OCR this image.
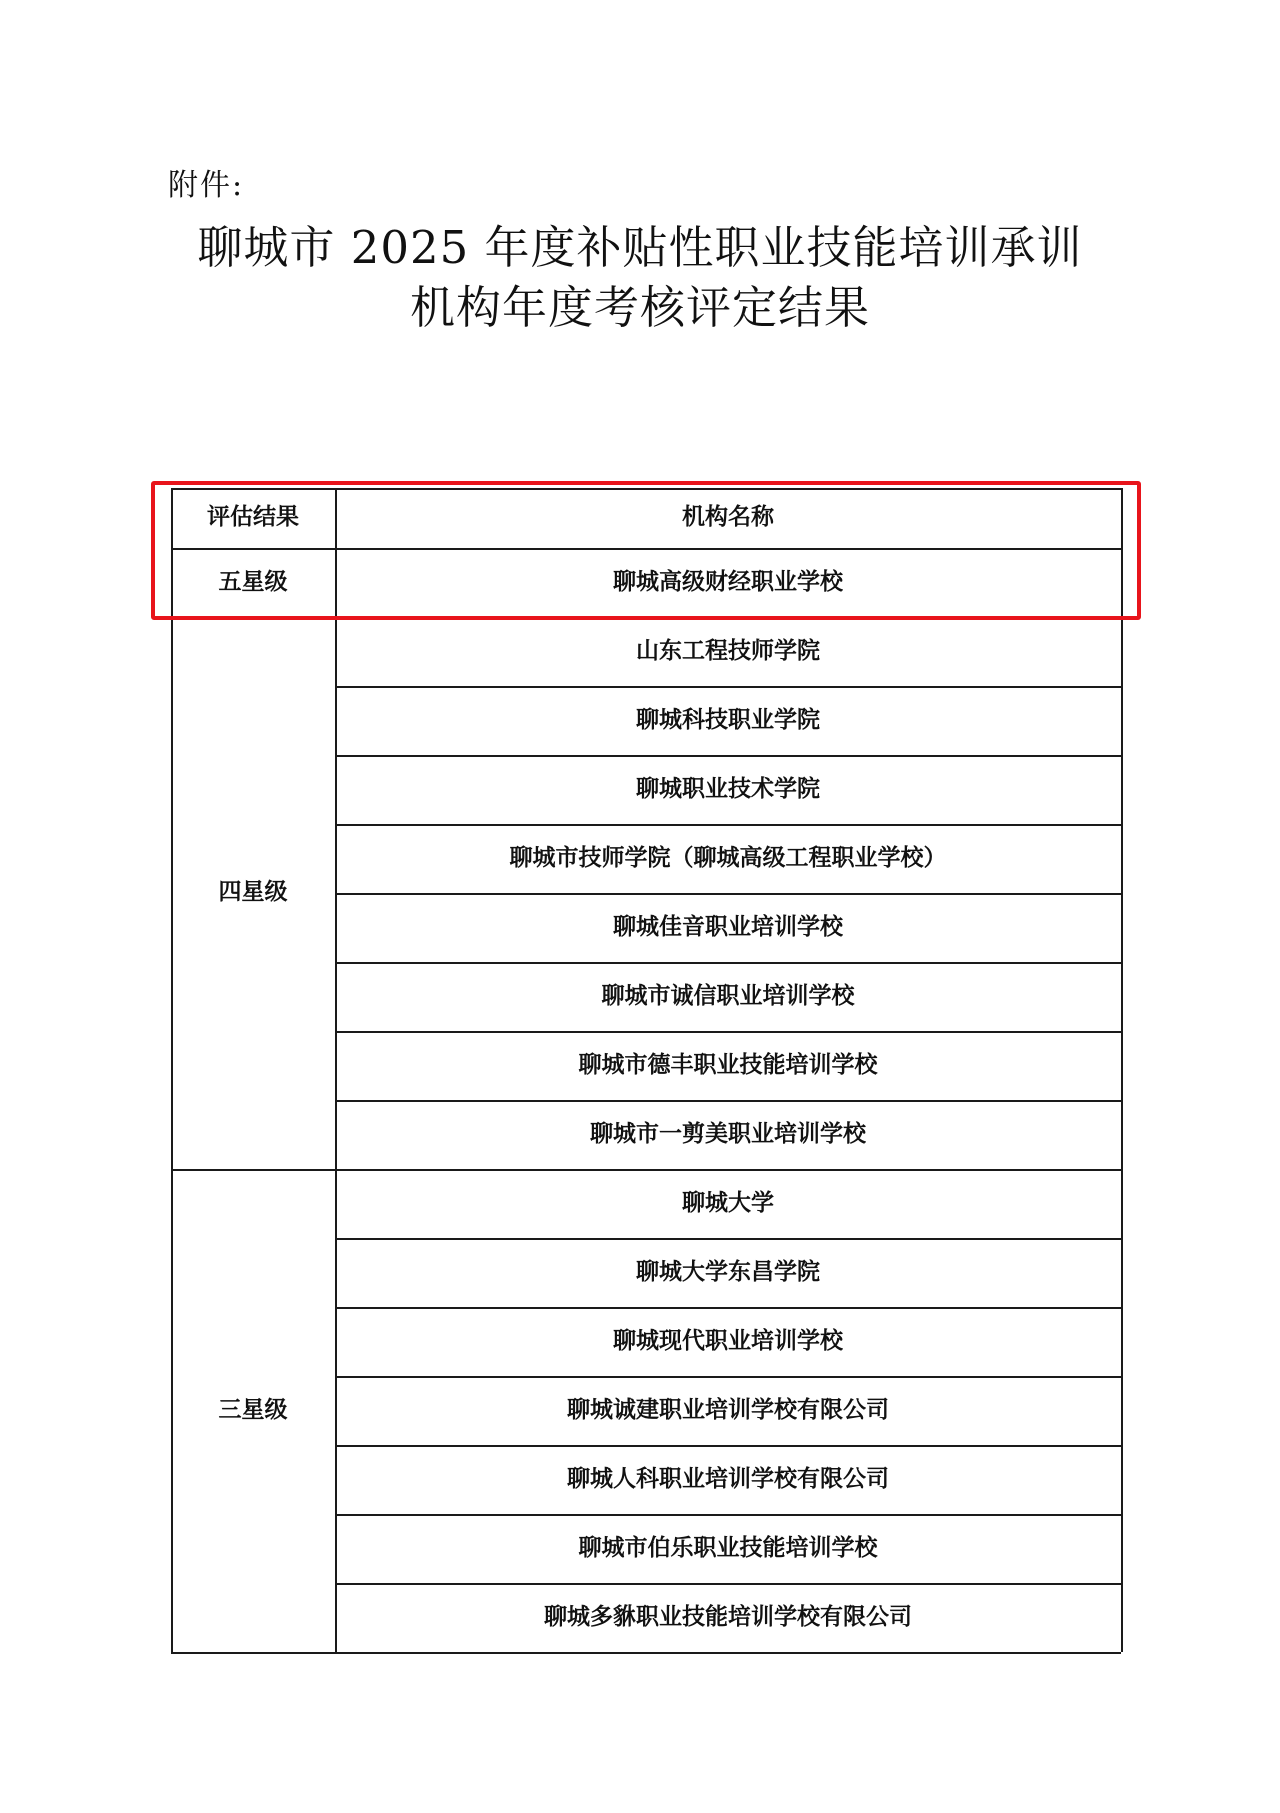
附件:
聊城市 2025 年度补贴性职业技能培训承训
机构年度考核评定结果
评估结果	机构名称
聊城高级财经职业学校
五星级
山东工程技师学院
聊城科技职业学院
聊城职业技术学院
聊城市技师学院（聊城高级工程职业学校）
聊城佳音职业培训学校
聊城市诚信职业培训学校
聊城市德丰职业技能培训学校
聊城市一剪美职业培训学校
四星级
聊城大学
聊城大学东昌学院
聊城现代职业培训学校
聊城诚建职业培训学校有限公司
聊城人科职业培训学校有限公司
聊城市伯乐职业技能培训学校
聊城多貅职业技能培训学校有限公司
三星级
